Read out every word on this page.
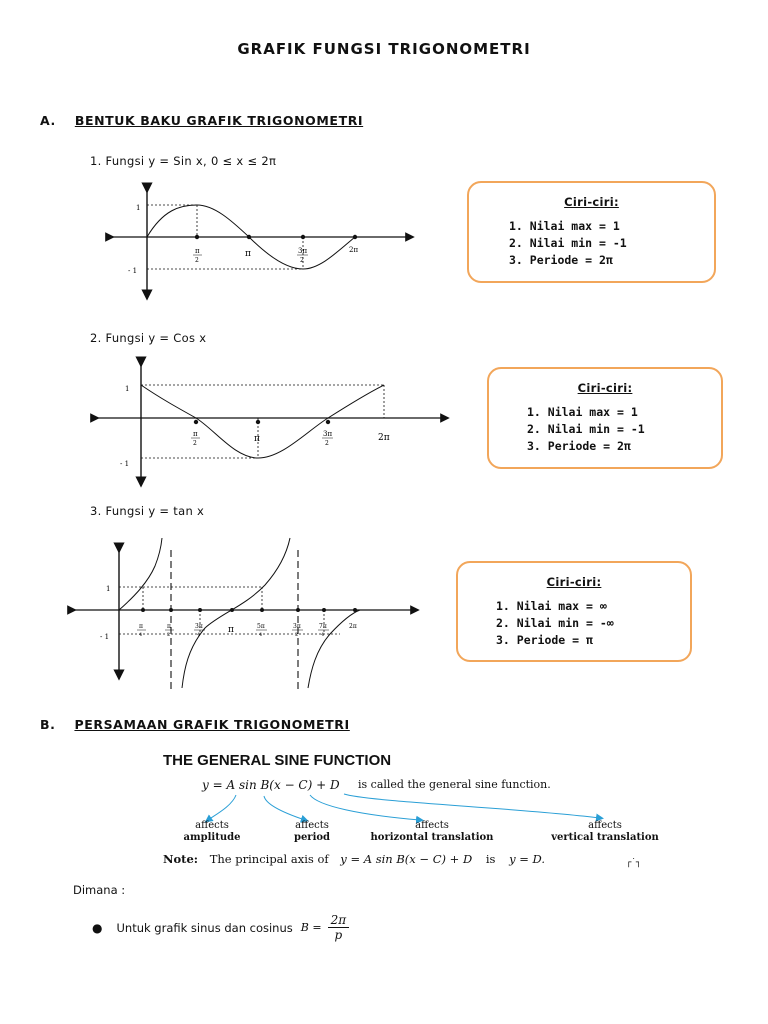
GRAFIK FUNGSI TRIGONOMETRI
A. BENTUK BAKU GRAFIK TRIGONOMETRI
1. Fungsi y = Sin x, 0 ≤ x ≤ 2π
1
- 1
π
2
π	3π
2
2π
1
- 1
π
2	π	3π
2
2π
1
- 1
π
4
π
2
3π
4	π	5π
4
3π
2
7π
4
2π
Ciri-ciri:
1. Nilai max = 1
2. Nilai min = -1
3. Periode = 2π
2. Fungsi y = Cos x
Ciri-ciri:
1. Nilai max = 1
2. Nilai min = -1
3. Periode = 2π
3. Fungsi y = tan x
Ciri-ciri:
1. Nilai max = ∞
2. Nilai min = -∞
3. Periode = π
B. PERSAMAAN GRAFIK TRIGONOMETRI
THE GENERAL SINE FUNCTION
y = A sin B(x − C) + D is called the general sine function.
affects
amplitude
affects
period
affects
horizontal translation
affects
vertical translation
Note: The principal axis of y = A sin B(x − C) + D is y = D.	┌˙┐
Dimana :
● Untuk grafik sinus dan cosinus $B = \frac{2\pi}{p}$
